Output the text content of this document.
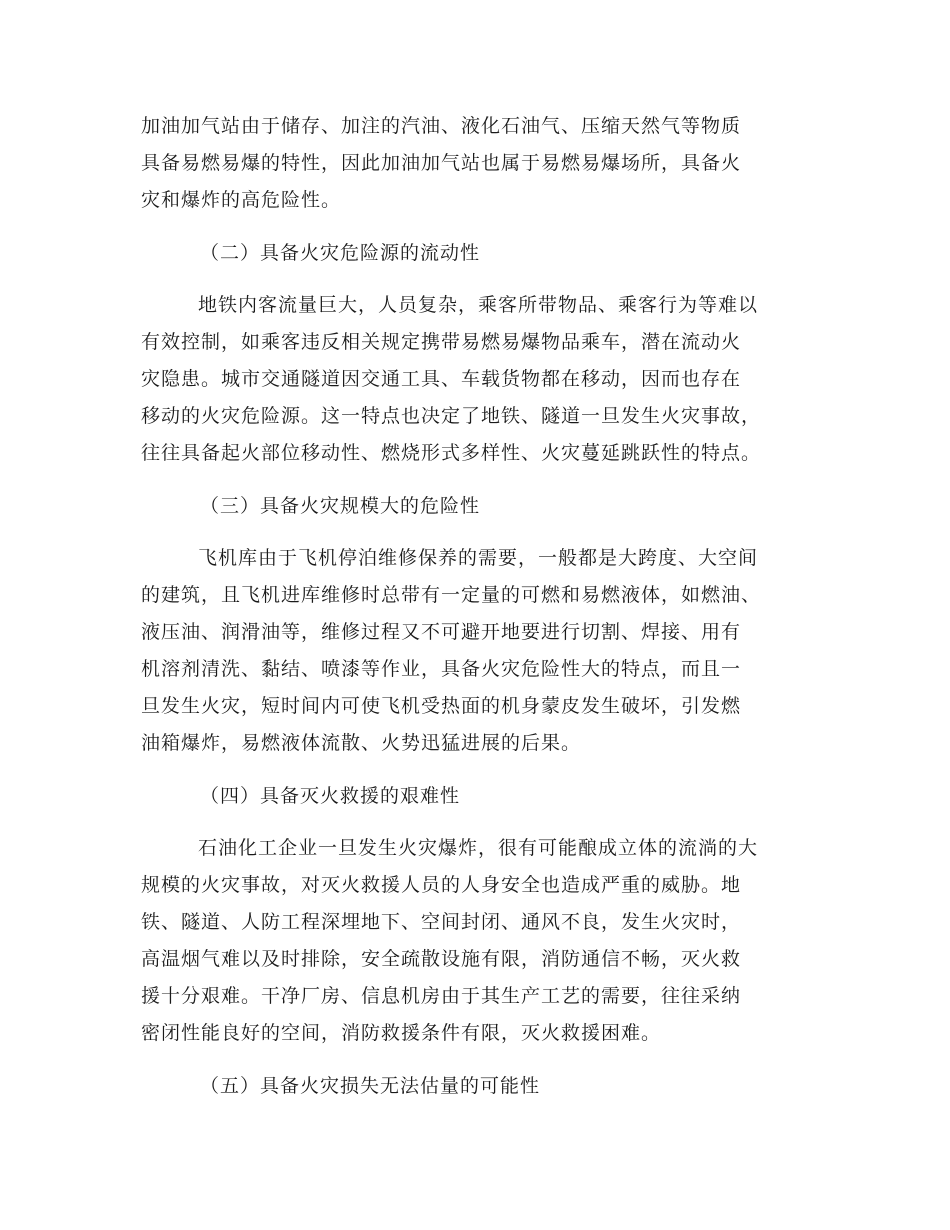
加油加气站由于储存、加注的汽油、液化石油气、压缩天然气等物质
具备易燃易爆的特性，因此加油加气站也属于易燃易爆场所，具备火
灾和爆炸的高危险性。
（二）具备火灾危险源的流动性
地铁内客流量巨大，人员复杂，乘客所带物品、乘客行为等难以
有效控制，如乘客违反相关规定携带易燃易爆物品乘车，潜在流动火
灾隐患。城市交通隧道因交通工具、车载货物都在移动，因而也存在
移动的火灾危险源。这一特点也决定了地铁、隧道一旦发生火灾事故，
往往具备起火部位移动性、燃烧形式多样性、火灾蔓延跳跃性的特点。
（三）具备火灾规模大的危险性
飞机库由于飞机停泊维修保养的需要，一般都是大跨度、大空间
的建筑，且飞机进库维修时总带有一定量的可燃和易燃液体，如燃油、
液压油、润滑油等，维修过程又不可避开地要进行切割、焊接、用有
机溶剂清洗、黏结、喷漆等作业，具备火灾危险性大的特点，而且一
旦发生火灾，短时间内可使飞机受热面的机身蒙皮发生破坏，引发燃
油箱爆炸，易燃液体流散、火势迅猛进展的后果。
（四）具备灭火救援的艰难性
石油化工企业一旦发生火灾爆炸，很有可能酿成立体的流淌的大
规模的火灾事故，对灭火救援人员的人身安全也造成严重的威胁。地
铁、隧道、人防工程深埋地下、空间封闭、通风不良，发生火灾时，
高温烟气难以及时排除，安全疏散设施有限，消防通信不畅，灭火救
援十分艰难。干净厂房、信息机房由于其生产工艺的需要，往往采纳
密闭性能良好的空间，消防救援条件有限，灭火救援困难。
（五）具备火灾损失无法估量的可能性
